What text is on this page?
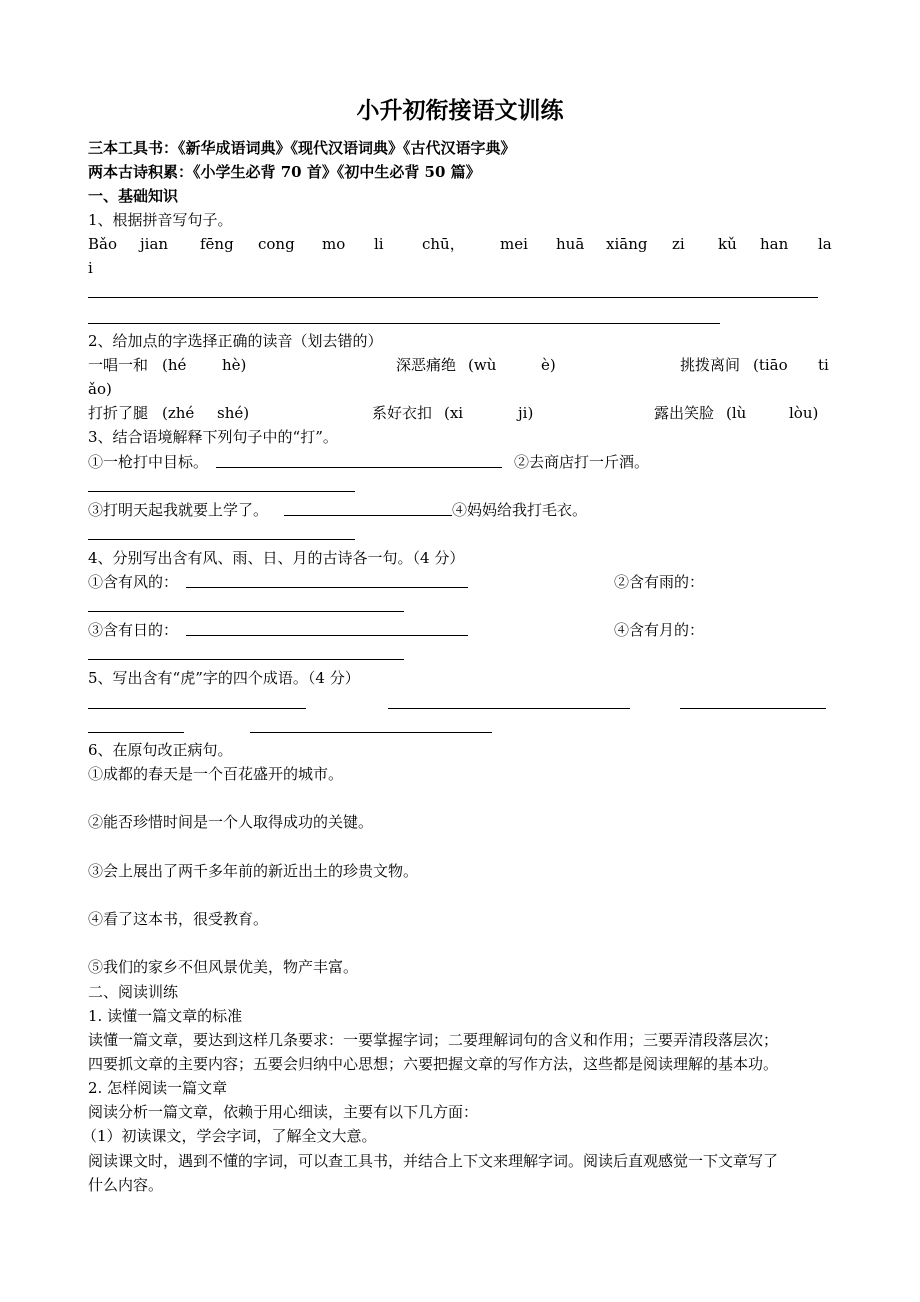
小升初衔接语文训练
三本工具书：《新华成语词典》《现代汉语词典》《古代汉语字典》
两本古诗积累：《小学生必背 70 首》《初中生必背 50 篇》
一、基础知识
1、根据拼音写句子。
Bǎo jian fēng cong mo li	chū， mei huā xiāng zi kǔ han la
i
2、给加点的字选择正确的读音（划去错的）
一唱一和 (hé hè)	深恶痛绝 (wù	è)	挑拨离间 (tiāo ti
ǎo)
打折了腿 (zhé shé)	系好衣扣 (xi	ji)	露出笑脸 (lù	lòu)
3、结合语境解释下列句子中的“打”。
①一枪打中目标。	②去商店打一斤酒。
③打明天起我就要上学了。	④妈妈给我打毛衣。
4、分别写出含有风、雨、日、月的古诗各一句。（4 分）
①含有风的：	②含有雨的：
③含有日的：	④含有月的：
5、写出含有“虎”字的四个成语。（4 分）
6、在原句改正病句。
①成都的春天是一个百花盛开的城市。
②能否珍惜时间是一个人取得成功的关键。
③会上展出了两千多年前的新近出土的珍贵文物。
④看了这本书，很受教育。
⑤我们的家乡不但风景优美，物产丰富。
二、阅读训练
1. 读懂一篇文章的标准
读懂一篇文章，要达到这样几条要求：一要掌握字词；二要理解词句的含义和作用；三要弄清段落层次；
四要抓文章的主要内容；五要会归纳中心思想；六要把握文章的写作方法，这些都是阅读理解的基本功。
2. 怎样阅读一篇文章
阅读分析一篇文章，依赖于用心细读，主要有以下几方面：
（1）初读课文，学会字词，了解全文大意。
阅读课文时，遇到不懂的字词，可以查工具书，并结合上下文来理解字词。阅读后直观感觉一下文章写了
什么内容。
